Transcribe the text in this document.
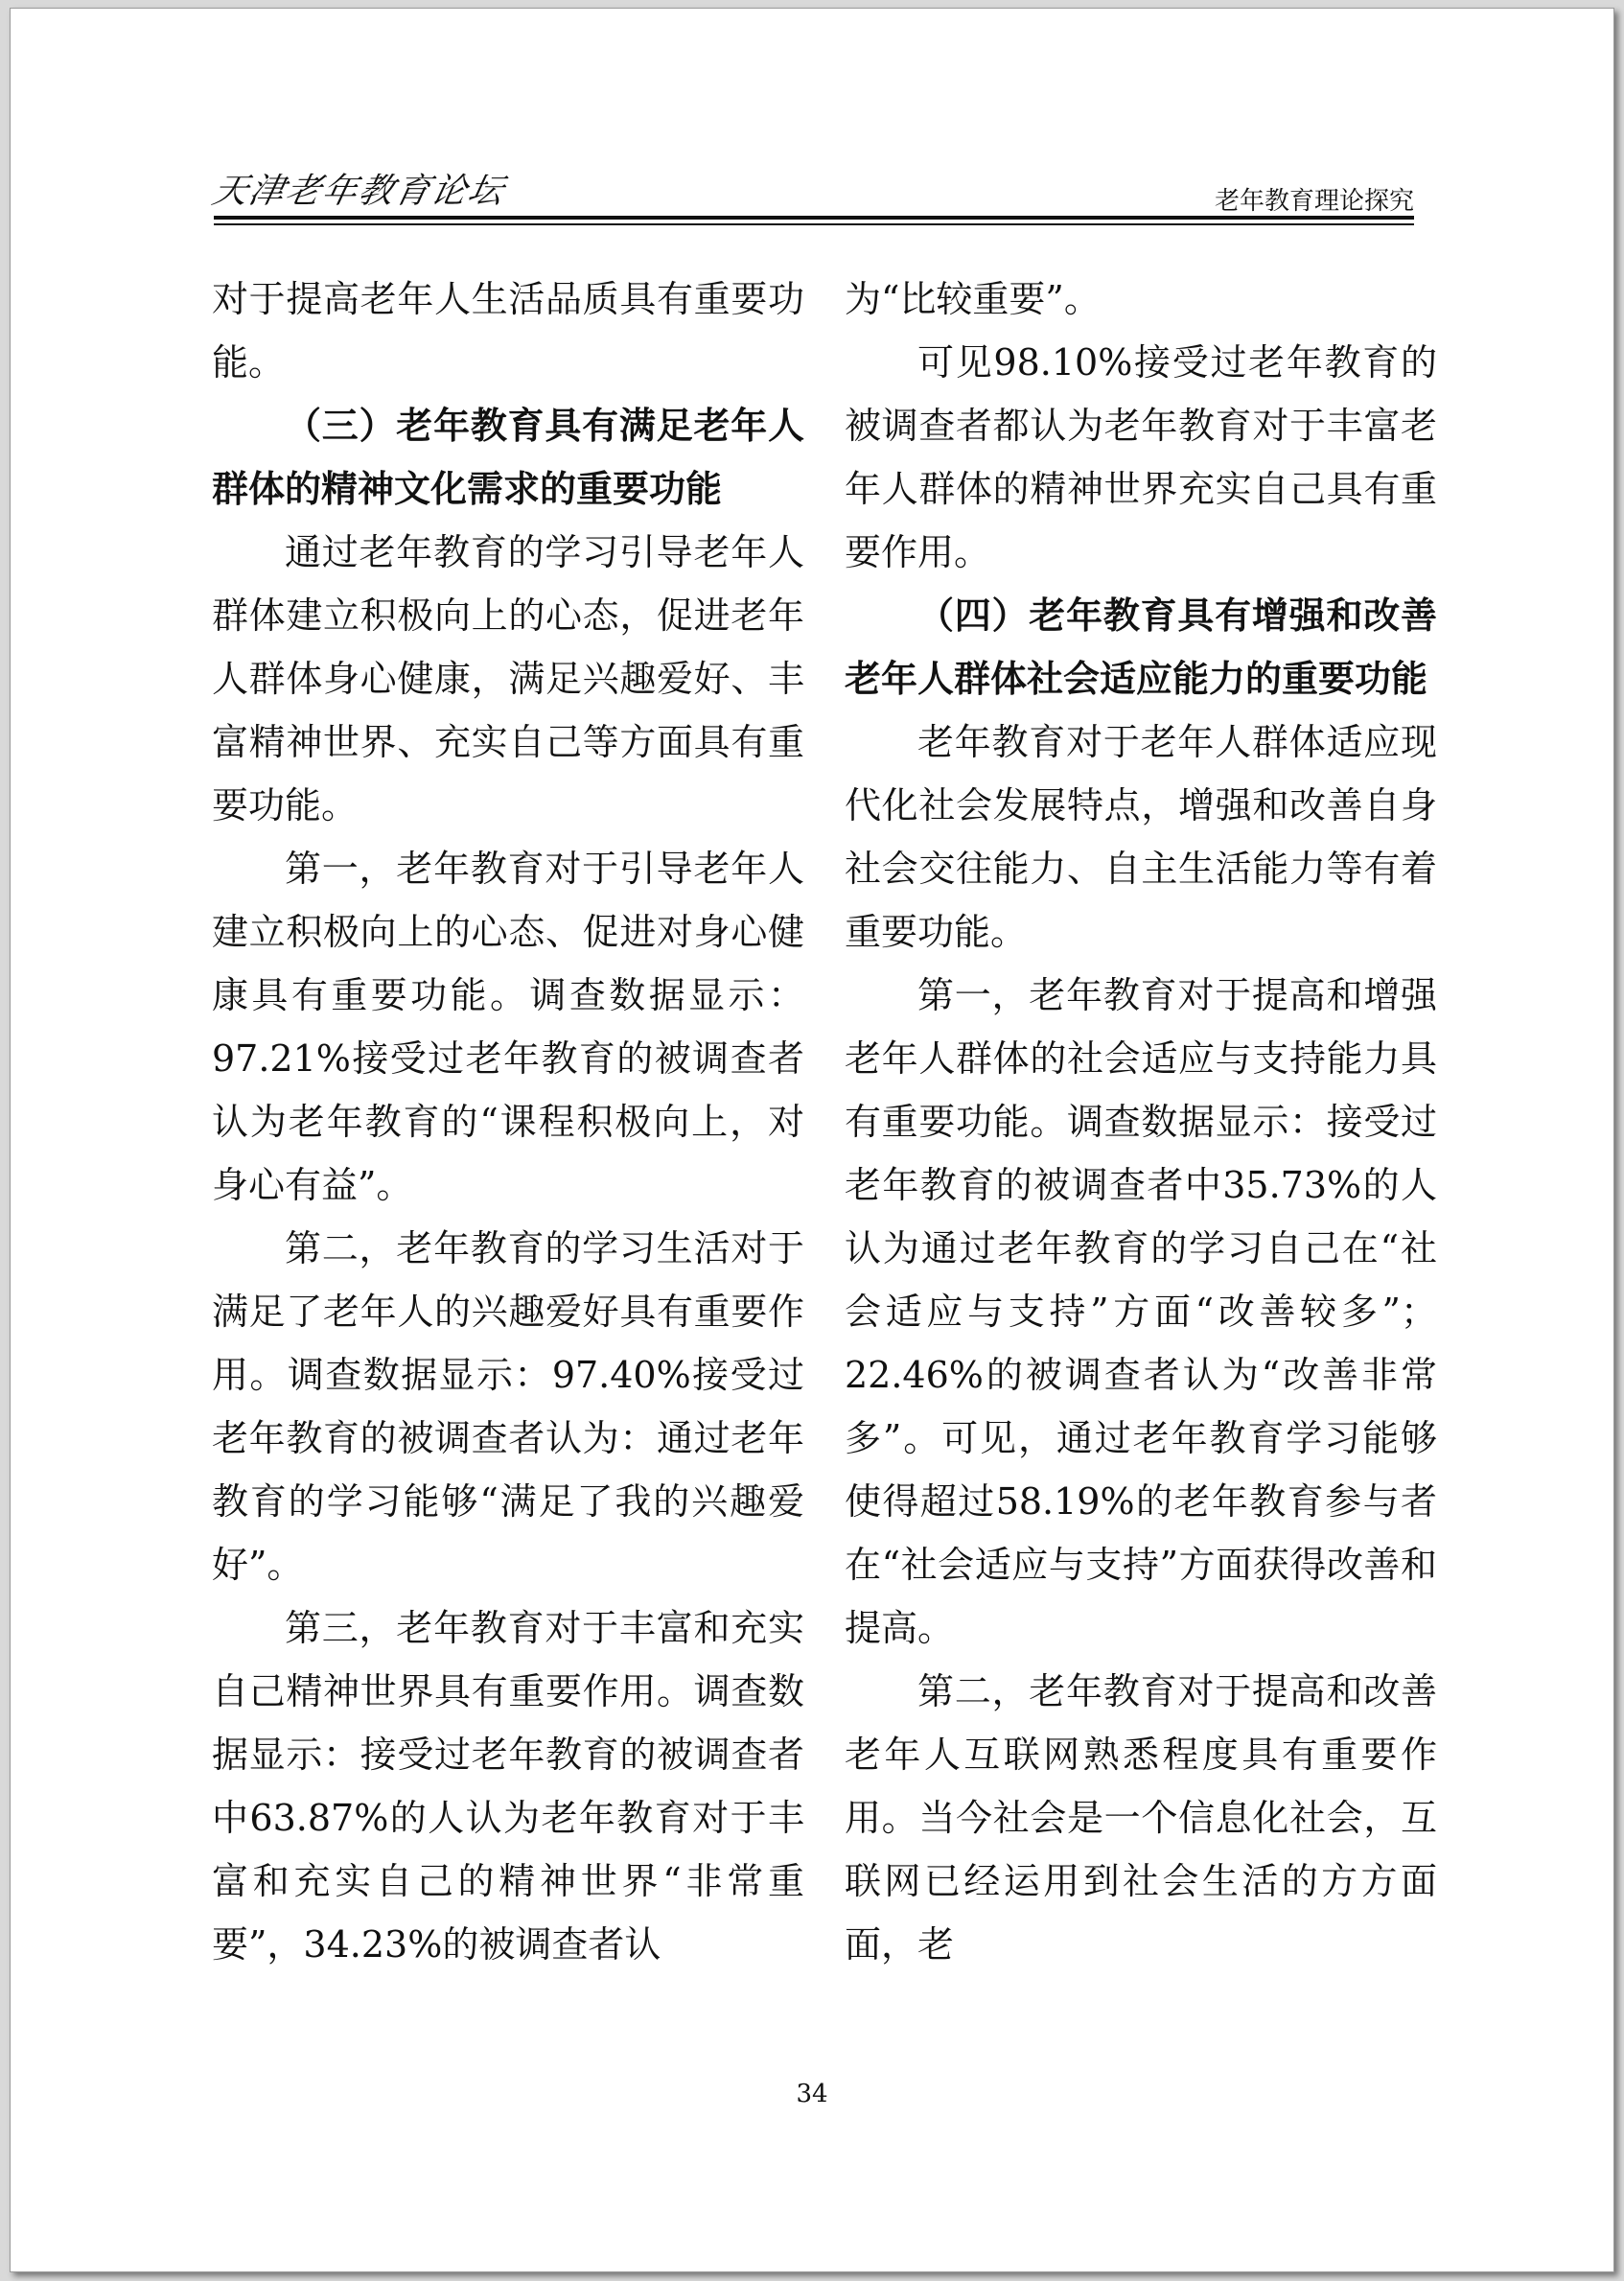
天津老年教育论坛	老年教育理论探究

对于提高老年人生活品质具有重要功能。

（三）老年教育具有满足老年人群体的精神文化需求的重要功能

通过老年教育的学习引导老年人群体建立积极向上的心态，促进老年人群体身心健康，满足兴趣爱好、丰富精神世界、充实自己等方面具有重要功能。

第一，老年教育对于引导老年人建立积极向上的心态、促进对身心健康具有重要功能。调查数据显示：97.21%接受过老年教育的被调查者认为老年教育的“课程积极向上，对身心有益”。

第二，老年教育的学习生活对于满足了老年人的兴趣爱好具有重要作用。调查数据显示：97.40%接受过老年教育的被调查者认为：通过老年教育的学习能够“满足了我的兴趣爱好”。

第三，老年教育对于丰富和充实自己精神世界具有重要作用。调查数据显示：接受过老年教育的被调查者中63.87%的人认为老年教育对于丰富和充实自己的精神世界“非常重要”，34.23%的被调查者认

为“比较重要”。

可见98.10%接受过老年教育的被调查者都认为老年教育对于丰富老年人群体的精神世界充实自己具有重要作用。

（四）老年教育具有增强和改善老年人群体社会适应能力的重要功能

老年教育对于老年人群体适应现代化社会发展特点，增强和改善自身社会交往能力、自主生活能力等有着重要功能。

第一，老年教育对于提高和增强老年人群体的社会适应与支持能力具有重要功能。调查数据显示：接受过老年教育的被调查者中35.73%的人认为通过老年教育的学习自己在“社会适应与支持”方面“改善较多”； 22.46%的被调查者认为“改善非常多”。可见，通过老年教育学习能够使得超过58.19%的老年教育参与者在“社会适应与支持”方面获得改善和提高。

第二，老年教育对于提高和改善老年人互联网熟悉程度具有重要作用。当今社会是一个信息化社会，互联网已经运用到社会生活的方方面面，老

34
